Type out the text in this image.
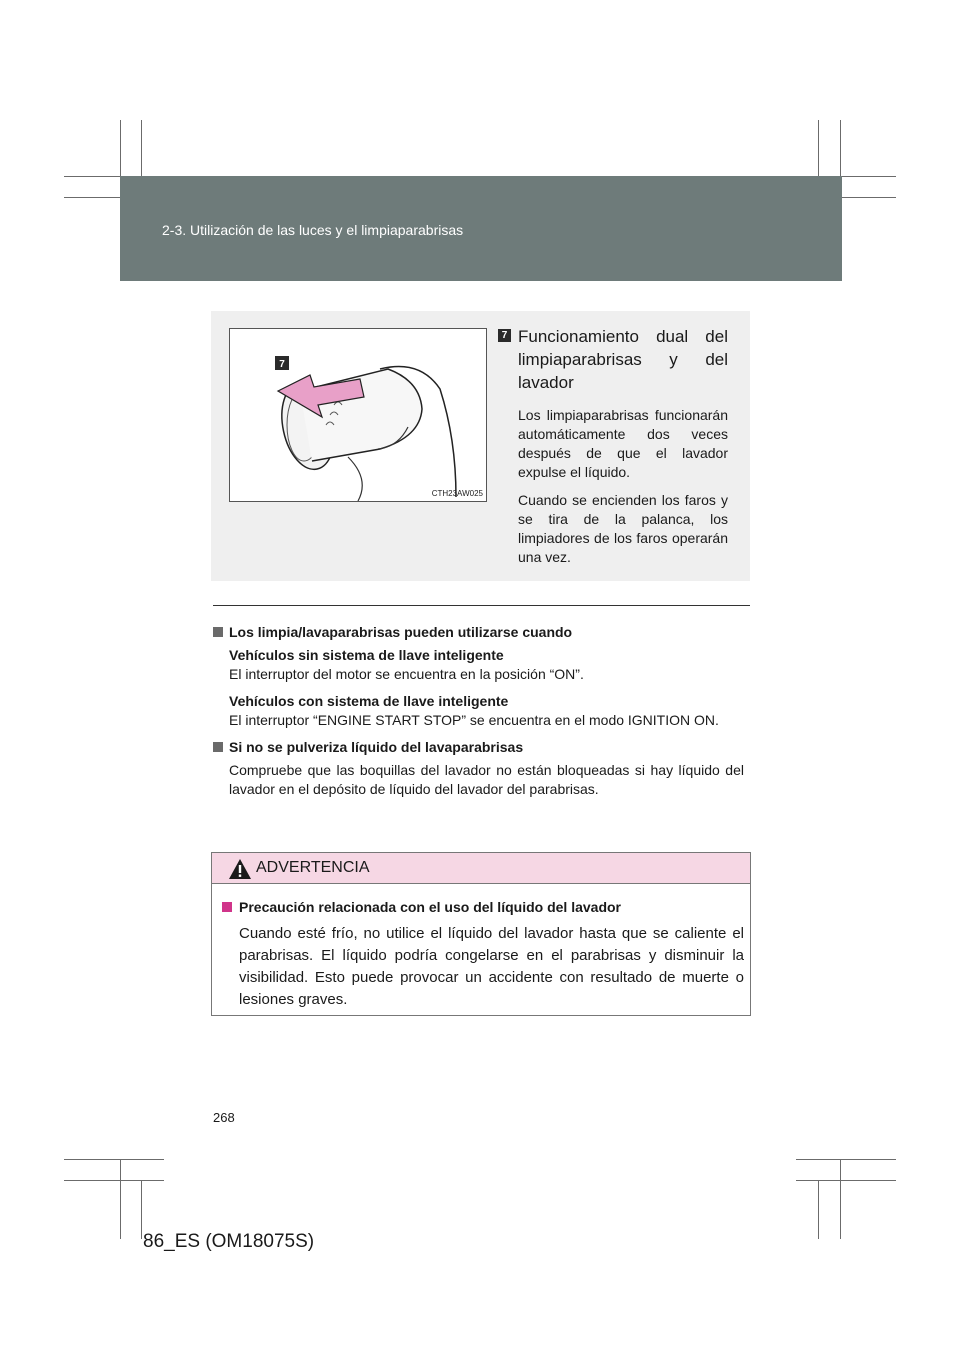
2-3. Utilización de las luces y el limpiaparabrisas
7
CTH23AW025
7 Funcionamiento dual del limpiaparabrisas y del lavador

Los limpiaparabrisas funcionarán automáticamente dos veces después de que el lavador expulse el líquido.

Cuando se encienden los faros y se tira de la palanca, los limpiadores de los faros operarán una vez.

Los limpia/lavaparabrisas pueden utilizarse cuando

Vehículos sin sistema de llave inteligente
El interruptor del motor se encuentra en la posición “ON”.

Vehículos con sistema de llave inteligente
El interruptor “ENGINE START STOP” se encuentra en el modo IGNITION ON.

Si no se pulveriza líquido del lavaparabrisas

Compruebe que las boquillas del lavador no están bloqueadas si hay líquido del lavador en el depósito de líquido del lavador del parabrisas.

ADVERTENCIA
Precaución relacionada con el uso del líquido del lavador
Cuando esté frío, no utilice el líquido del lavador hasta que se caliente el parabrisas. El líquido podría congelarse en el parabrisas y disminuir la visibilidad. Esto puede provocar un accidente con resultado de muerte o lesiones graves.
268
86_ES (OM18075S)
